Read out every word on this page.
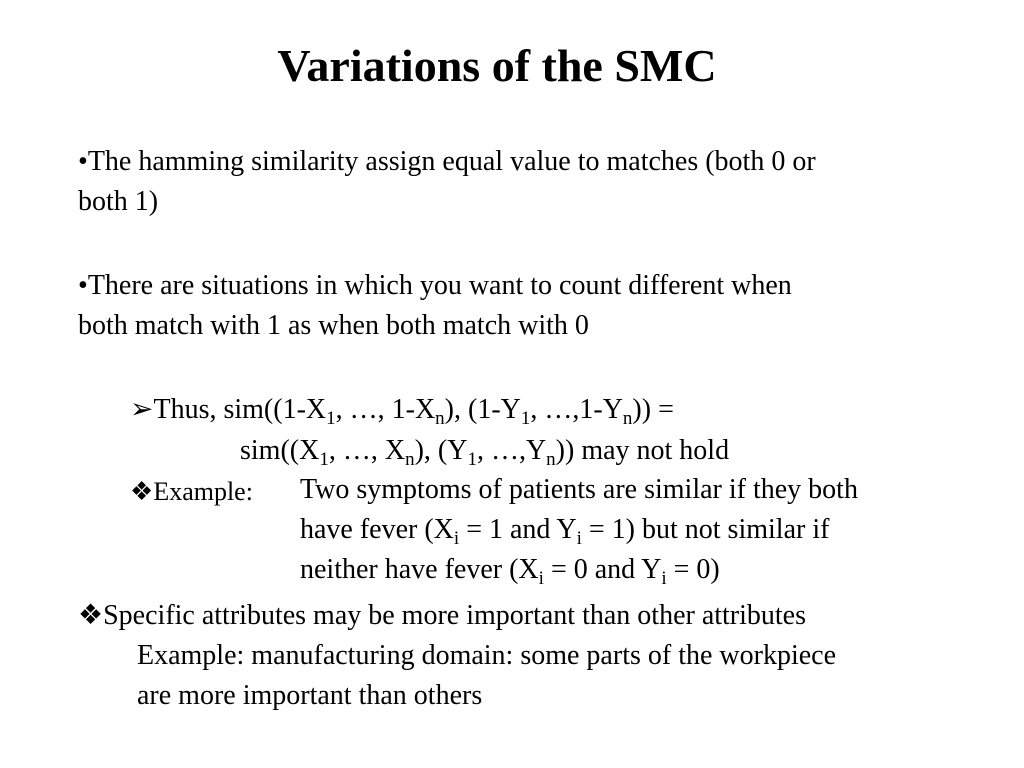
Variations of the SMC
•The hamming similarity assign equal value to matches (both 0 or
both 1)
•There are situations in which you want to count different when
both match with 1 as when both match with 0
➢Thus, $sim((1-X_1$, …, $1-X_n$), ($1-Y_1$, $\dots,1-Y_n$)) =
$sim((X_1$, …, $X_n$), ($Y_1$, $\dots,Y_n$)) may not hold
❖Example: Two symptoms of patients are similar if they both
have fever ($X_i = 1$ and $Y_i = 1$) but not similar if
neither have fever ($X_i = 0$ and $Y_i = 0$)
❖Specific attributes may be more important than other attributes
Example: manufacturing domain: some parts of the workpiece
are more important than others
